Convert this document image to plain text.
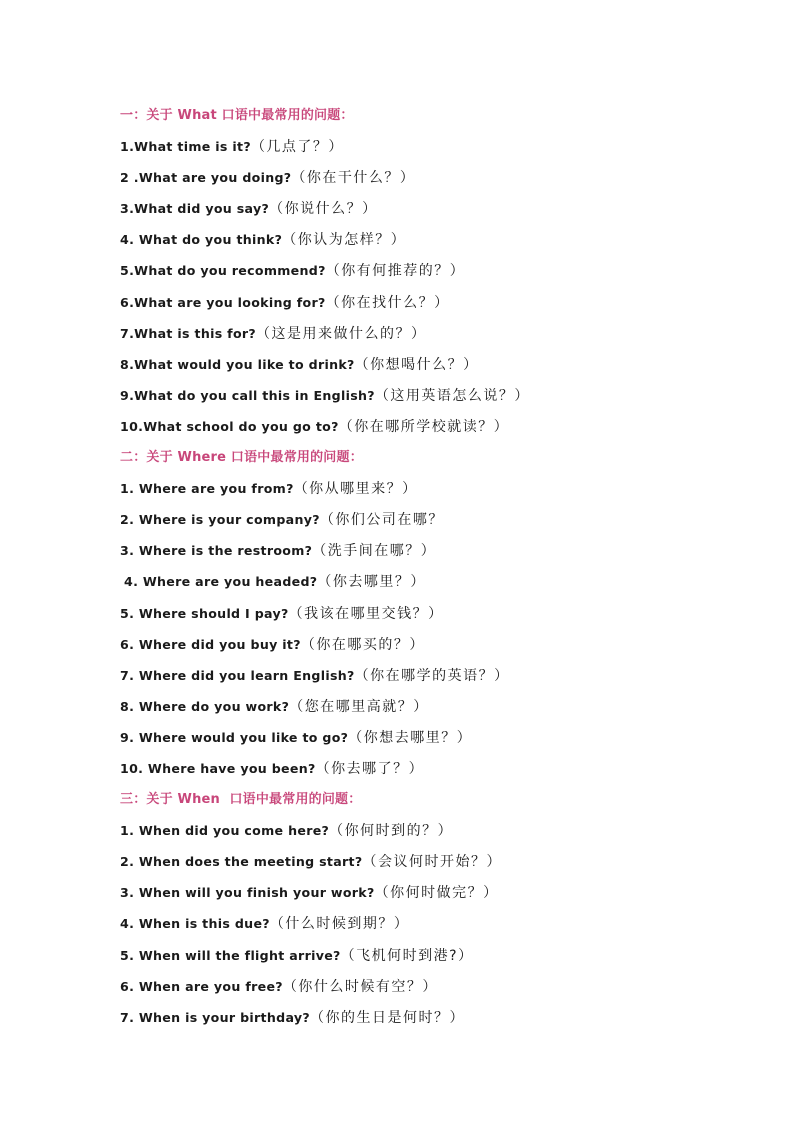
一：关于 What 口语中最常用的问题：
1.What time is it?（几点了？）
2 .What are you doing?（你在干什么？）
3.What did you say?（你说什么？）
4. What do you think?（你认为怎样？）
5.What do you recommend?（你有何推荐的？）
6.What are you looking for?（你在找什么？）
7.What is this for?（这是用来做什么的？）
8.What would you like to drink?（你想喝什么？）
9.What do you call this in English?（这用英语怎么说？）
10.What school do you go to?（你在哪所学校就读？）
二：关于 Where 口语中最常用的问题：
1. Where are you from?（你从哪里来？）
2. Where is your company?（你们公司在哪？
3. Where is the restroom?（洗手间在哪？）
4. Where are you headed?（你去哪里？）
5. Where should I pay?（我该在哪里交钱？）
6. Where did you buy it?（你在哪买的？）
7. Where did you learn English?（你在哪学的英语？）
8. Where do you work?（您在哪里高就？）
9. Where would you like to go?（你想去哪里？）
10. Where have you been?（你去哪了？）
三：关于 When  口语中最常用的问题：
1. When did you come here?（你何时到的？）
2. When does the meeting start?（会议何时开始？）
3. When will you finish your work?（你何时做完？）
4. When is this due?（什么时候到期？）
5. When will the flight arrive?（飞机何时到港?）
6. When are you free?（你什么时候有空？）
7. When is your birthday?（你的生日是何时？）
